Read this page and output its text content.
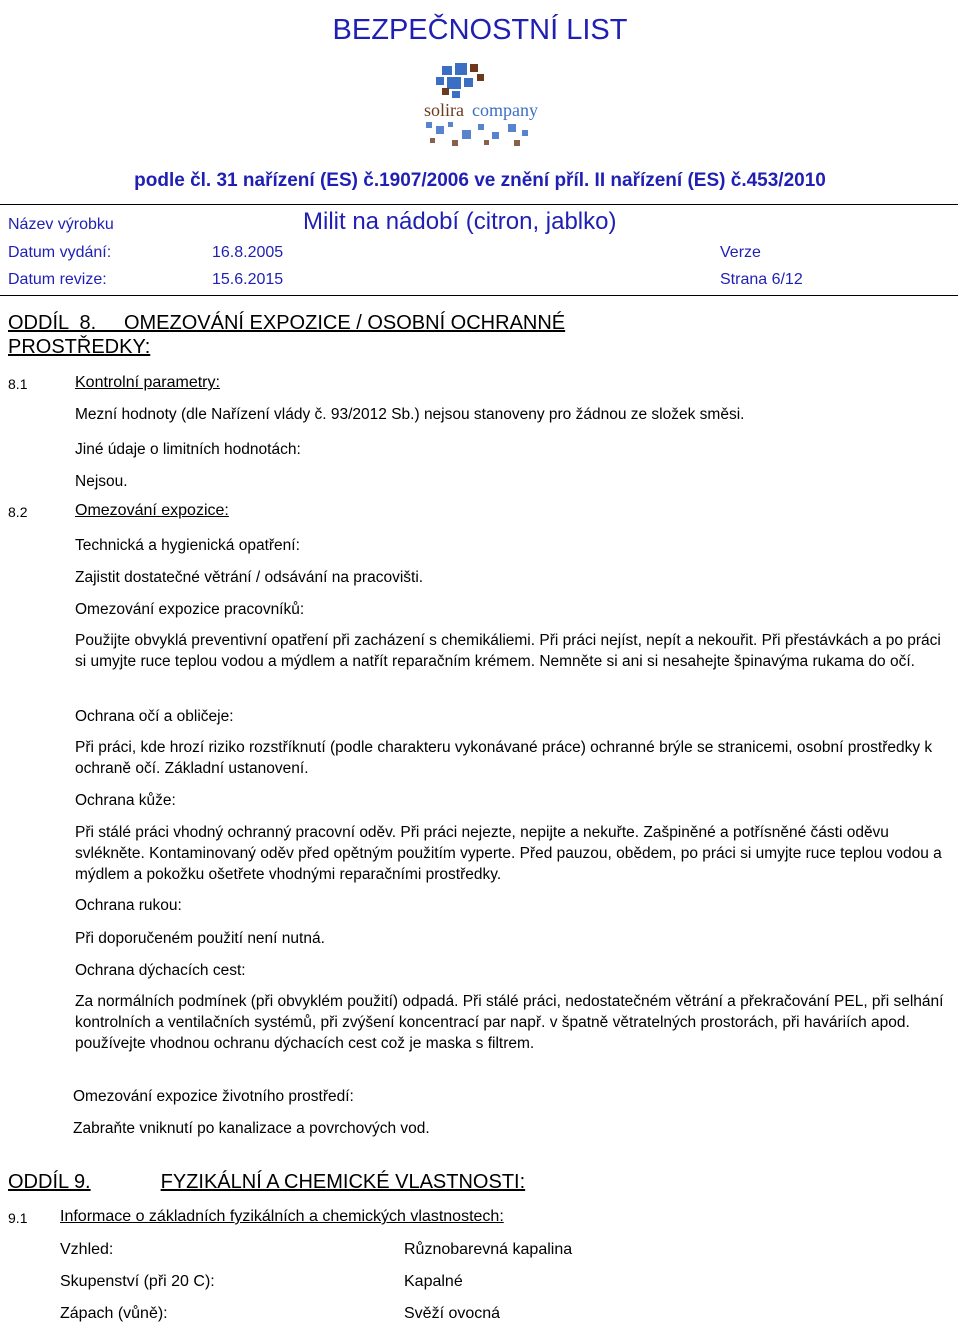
BEZPEČNOSTNÍ LIST
solira company
podle čl. 31 nařízení (ES) č.1907/2006 ve znění příl. II nařízení (ES) č.453/2010
Název výrobku	Milit na nádobí (citron, jablko)
Datum vydání:	16.8.2005	Verze
Datum revize:	15.6.2015	Strana 6/12
ODDÍL  8.     OMEZOVÁNÍ EXPOZICE / OSOBNÍ OCHRANNÉ
PROSTŘEDKY:
8.1	Kontrolní parametry:
Mezní hodnoty (dle Nařízení vlády č. 93/2012 Sb.) nejsou stanoveny pro žádnou ze složek směsi.
Jiné údaje o limitních hodnotách:
Nejsou.
8.2	Omezování expozice:
Technická a hygienická opatření:
Zajistit dostatečné větrání / odsávání na pracovišti.
Omezování expozice pracovníků:
Použijte obvyklá preventivní opatření při zacházení s chemikáliemi. Při práci nejíst, nepít a nekouřit. Při přestávkách a po práci si umyjte ruce teplou vodou a mýdlem a natřít reparačním krémem. Nemněte si ani si nesahejte špinavýma rukama do očí.
Ochrana očí a obličeje:
Při práci, kde hrozí riziko rozstříknutí (podle charakteru vykonávané práce) ochranné brýle se stranicemi, osobní prostředky k ochraně očí. Základní ustanovení.
Ochrana kůže:
Při stálé práci vhodný ochranný pracovní oděv. Při práci nejezte, nepijte a nekuřte. Zašpiněné a potřísněné části oděvu svlékněte. Kontaminovaný oděv před opětným použitím vyperte. Před pauzou, obědem, po práci si umyjte ruce teplou vodou a mýdlem a pokožku ošetřete vhodnými reparačními prostředky.
Ochrana rukou:
Při doporučeném použití není nutná.
Ochrana dýchacích cest:
Za normálních podmínek (při obvyklém použití) odpadá. Při stálé práci, nedostatečném větrání a překračování PEL, při selhání kontrolních a ventilačních systémů, při zvýšení koncentrací par např. v špatně větratelných prostorách, při haváriích apod. používejte vhodnou ochranu dýchacích cest což je maska s filtrem.
Omezování expozice životního prostředí:
Zabraňte vniknutí po kanalizace a povrchových vod.
ODDÍL 9.	FYZIKÁLNÍ A CHEMICKÉ VLASTNOSTI:
9.1 Informace o základních fyzikálních a chemických vlastnostech:
Vzhled:	Různobarevná kapalina
Skupenství (při 20 C):	Kapalné
Zápach (vůně):	Svěží ovocná
